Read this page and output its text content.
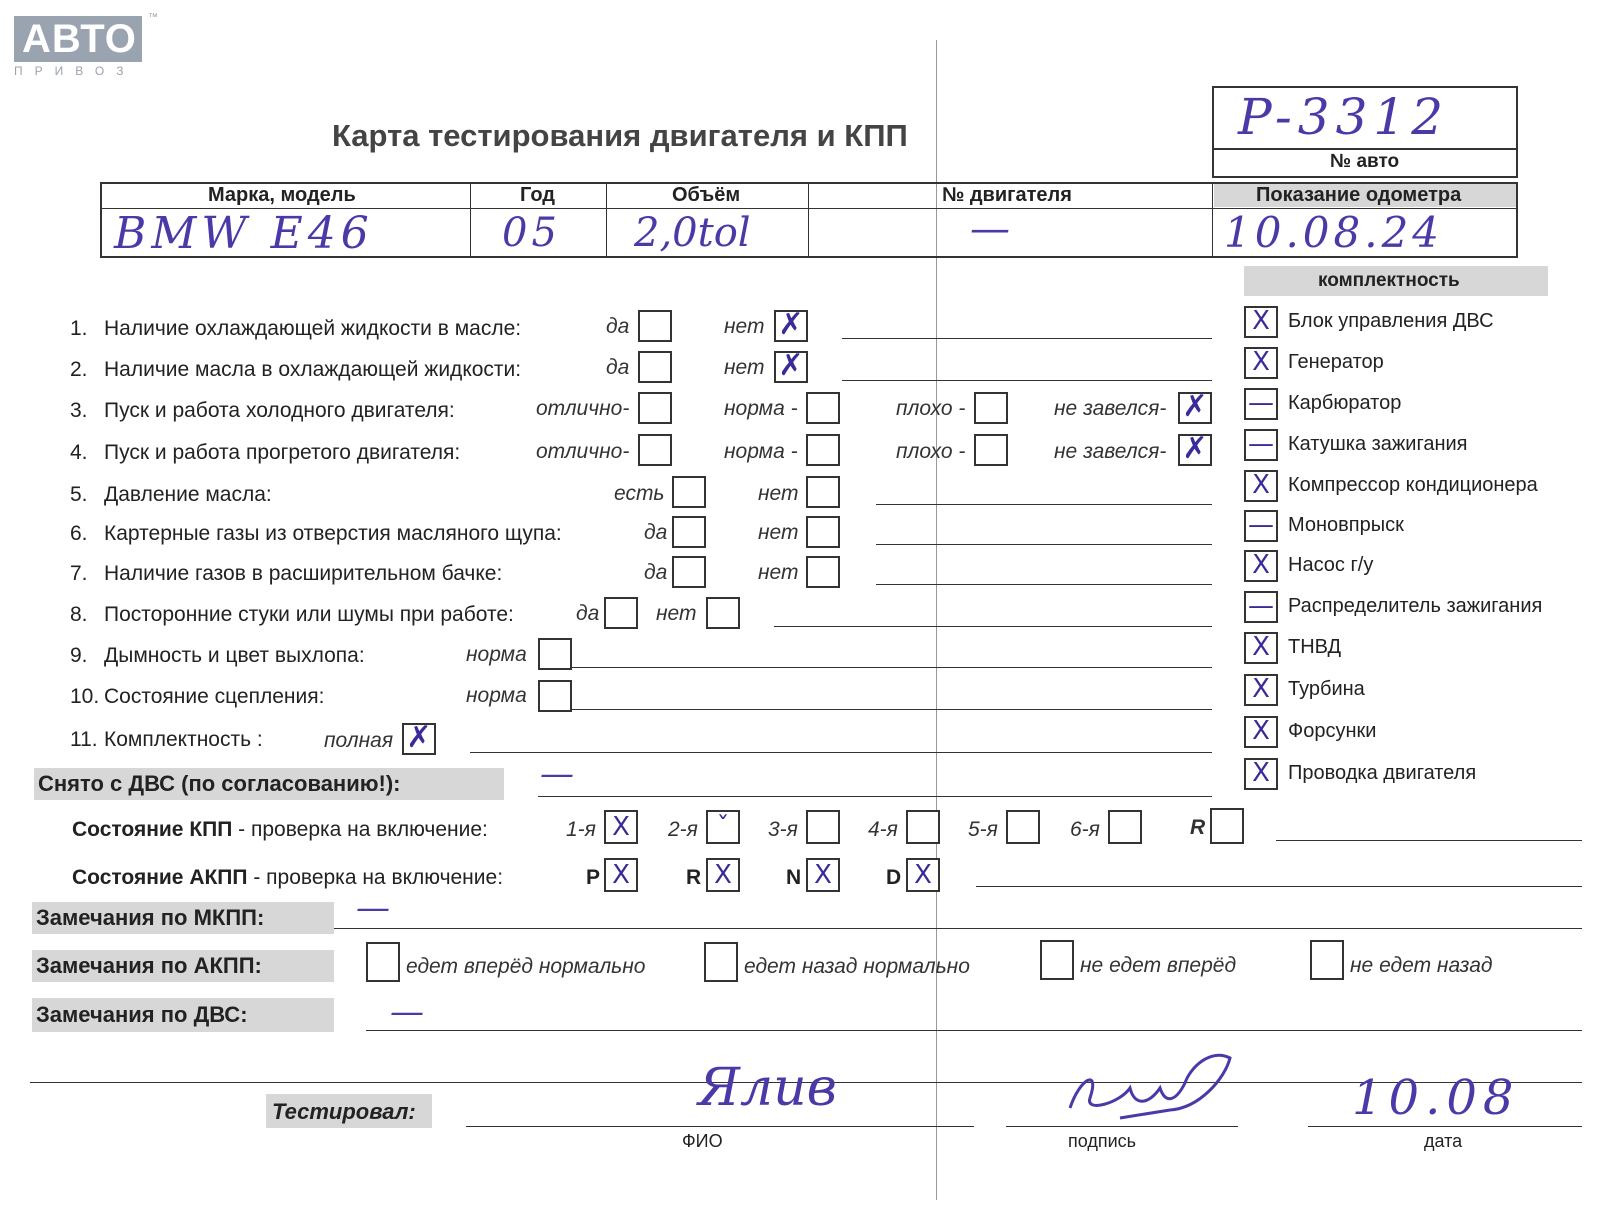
АВТО
ПРИВОЗ
™
Карта тестирования двигателя и КПП	P-3312
№ авто
Марка, модель	Год	Объём	№ двигателя	Показание одометра
BMW E46	05 2,0tol	—	10.08.24
комплектность
1. Наличие охлаждающей жидкости в масле:	да	нет ✗
2. Наличие масла в охлаждающей жидкости:	да	нет ✗
3. Пуск и работа холодного двигателя:	отлично-	норма -	плохо -	не завелся- ✗
4. Пуск и работа прогретого двигателя:	отлично-	норма -	плохо -	не завелся- ✗
5. Давление масла:	есть	нет
6. Картерные газы из отверстия масляного щупа:	да	нет
7. Наличие газов в расширительном бачке:	да	нет
8. Посторонние стуки или шумы при работе:	да	нет
9. Дымность и цвет выхлопа:	норма
10. Состояние сцепления:	норма
11. Комплектность :	полная ✗
X Блок управления ДВС
X Генератор
— Карбюратор
— Катушка зажигания
X Компрессор кондиционера
— Моновпрыск
X Насос г/у
— Распределитель зажигания
X ТНВД
X Турбина
X Форсунки
X Проводка двигателя
Снято с ДВС (по согласованию!):	—
Состояние КПП - проверка на включение:	1-я X 2-я ˇ	3-я	4-я	5-я	6-я	R
Состояние АКПП - проверка на включение:	P X	R X	N X	D X
Замечания по МКПП:	—
Замечания по АКПП:	едет вперёд нормально	едет назад нормально	не едет вперёд	не едет назад
Замечания по ДВС:	—
Тестировал:	Ялив
ФИО	подпись
10.08
дата
